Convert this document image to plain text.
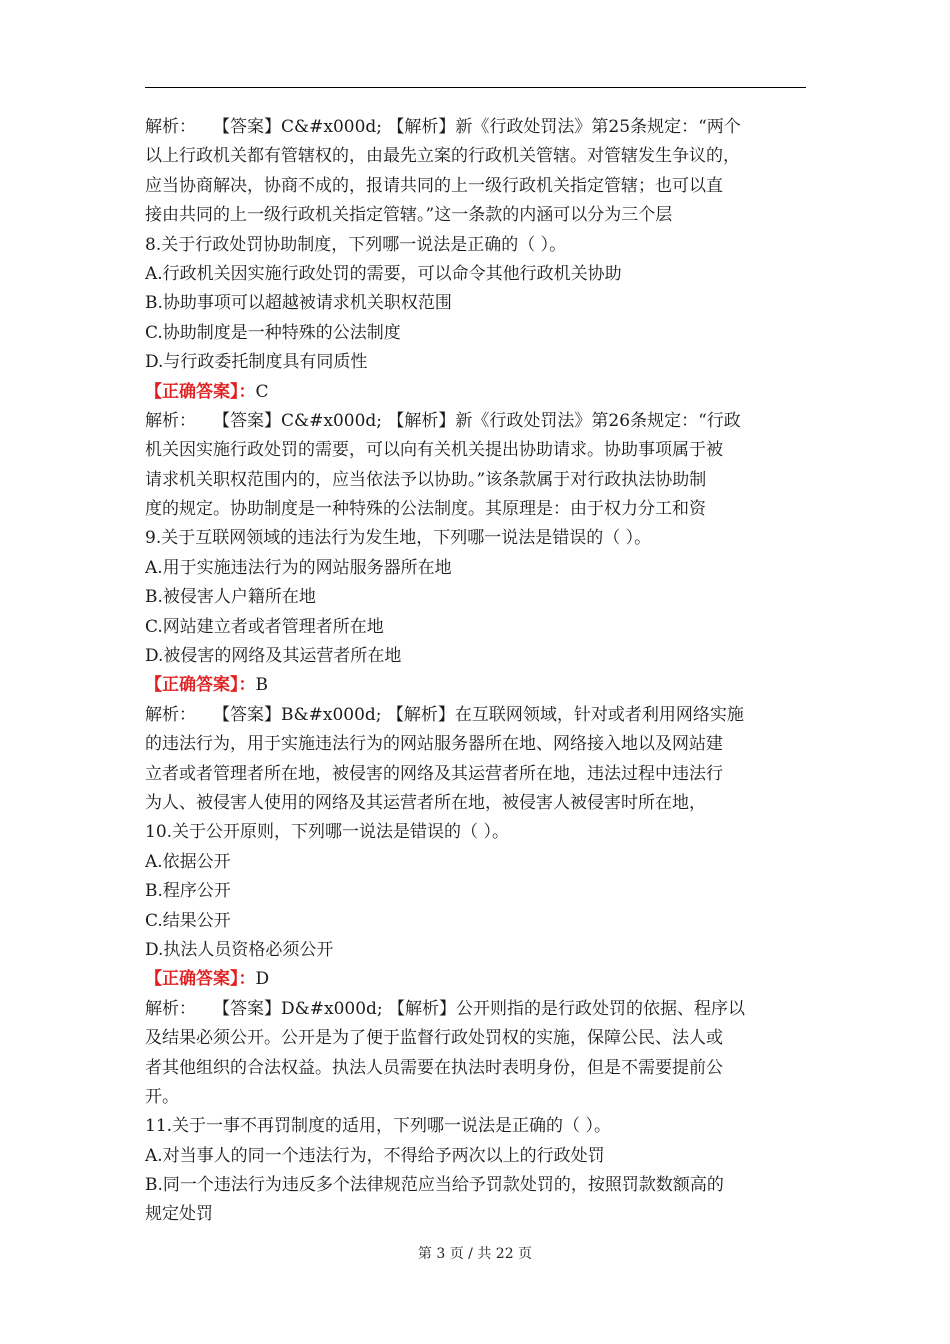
解析：　　【答案】C&#x000d; 【解析】新《行政处罚法》第25条规定：“两个
以上行政机关都有管辖权的，由最先立案的行政机关管辖。对管辖发生争议的，
应当协商解决，协商不成的，报请共同的上一级行政机关指定管辖；也可以直
接由共同的上一级行政机关指定管辖。”这一条款的内涵可以分为三个层
8.关于行政处罚协助制度，下列哪一说法是正确的（ ）。
A.行政机关因实施行政处罚的需要，可以命令其他行政机关协助
B.协助事项可以超越被请求机关职权范围
C.协助制度是一种特殊的公法制度
D.与行政委托制度具有同质性
【正确答案】：C
解析：　　【答案】C&#x000d; 【解析】新《行政处罚法》第26条规定：“行政
机关因实施行政处罚的需要，可以向有关机关提出协助请求。协助事项属于被
请求机关职权范围内的，应当依法予以协助。”该条款属于对行政执法协助制
度的规定。协助制度是一种特殊的公法制度。其原理是：由于权力分工和资
9.关于互联网领域的违法行为发生地，下列哪一说法是错误的（ ）。
A.用于实施违法行为的网站服务器所在地
B.被侵害人户籍所在地
C.网站建立者或者管理者所在地
D.被侵害的网络及其运营者所在地
【正确答案】：B
解析：　　【答案】B&#x000d; 【解析】在互联网领域，针对或者利用网络实施
的违法行为，用于实施违法行为的网站服务器所在地、网络接入地以及网站建
立者或者管理者所在地，被侵害的网络及其运营者所在地，违法过程中违法行
为人、被侵害人使用的网络及其运营者所在地，被侵害人被侵害时所在地，
10.关于公开原则，下列哪一说法是错误的（ ）。
A.依据公开
B.程序公开
C.结果公开
D.执法人员资格必须公开
【正确答案】：D
解析：　　【答案】D&#x000d; 【解析】公开则指的是行政处罚的依据、程序以
及结果必须公开。公开是为了便于监督行政处罚权的实施，保障公民、法人或
者其他组织的合法权益。执法人员需要在执法时表明身份，但是不需要提前公
开。
11.关于一事不再罚制度的适用，下列哪一说法是正确的（ ）。
A.对当事人的同一个违法行为，不得给予两次以上的行政处罚
B.同一个违法行为违反多个法律规范应当给予罚款处罚的，按照罚款数额高的
规定处罚
第 3 页 / 共 22 页
